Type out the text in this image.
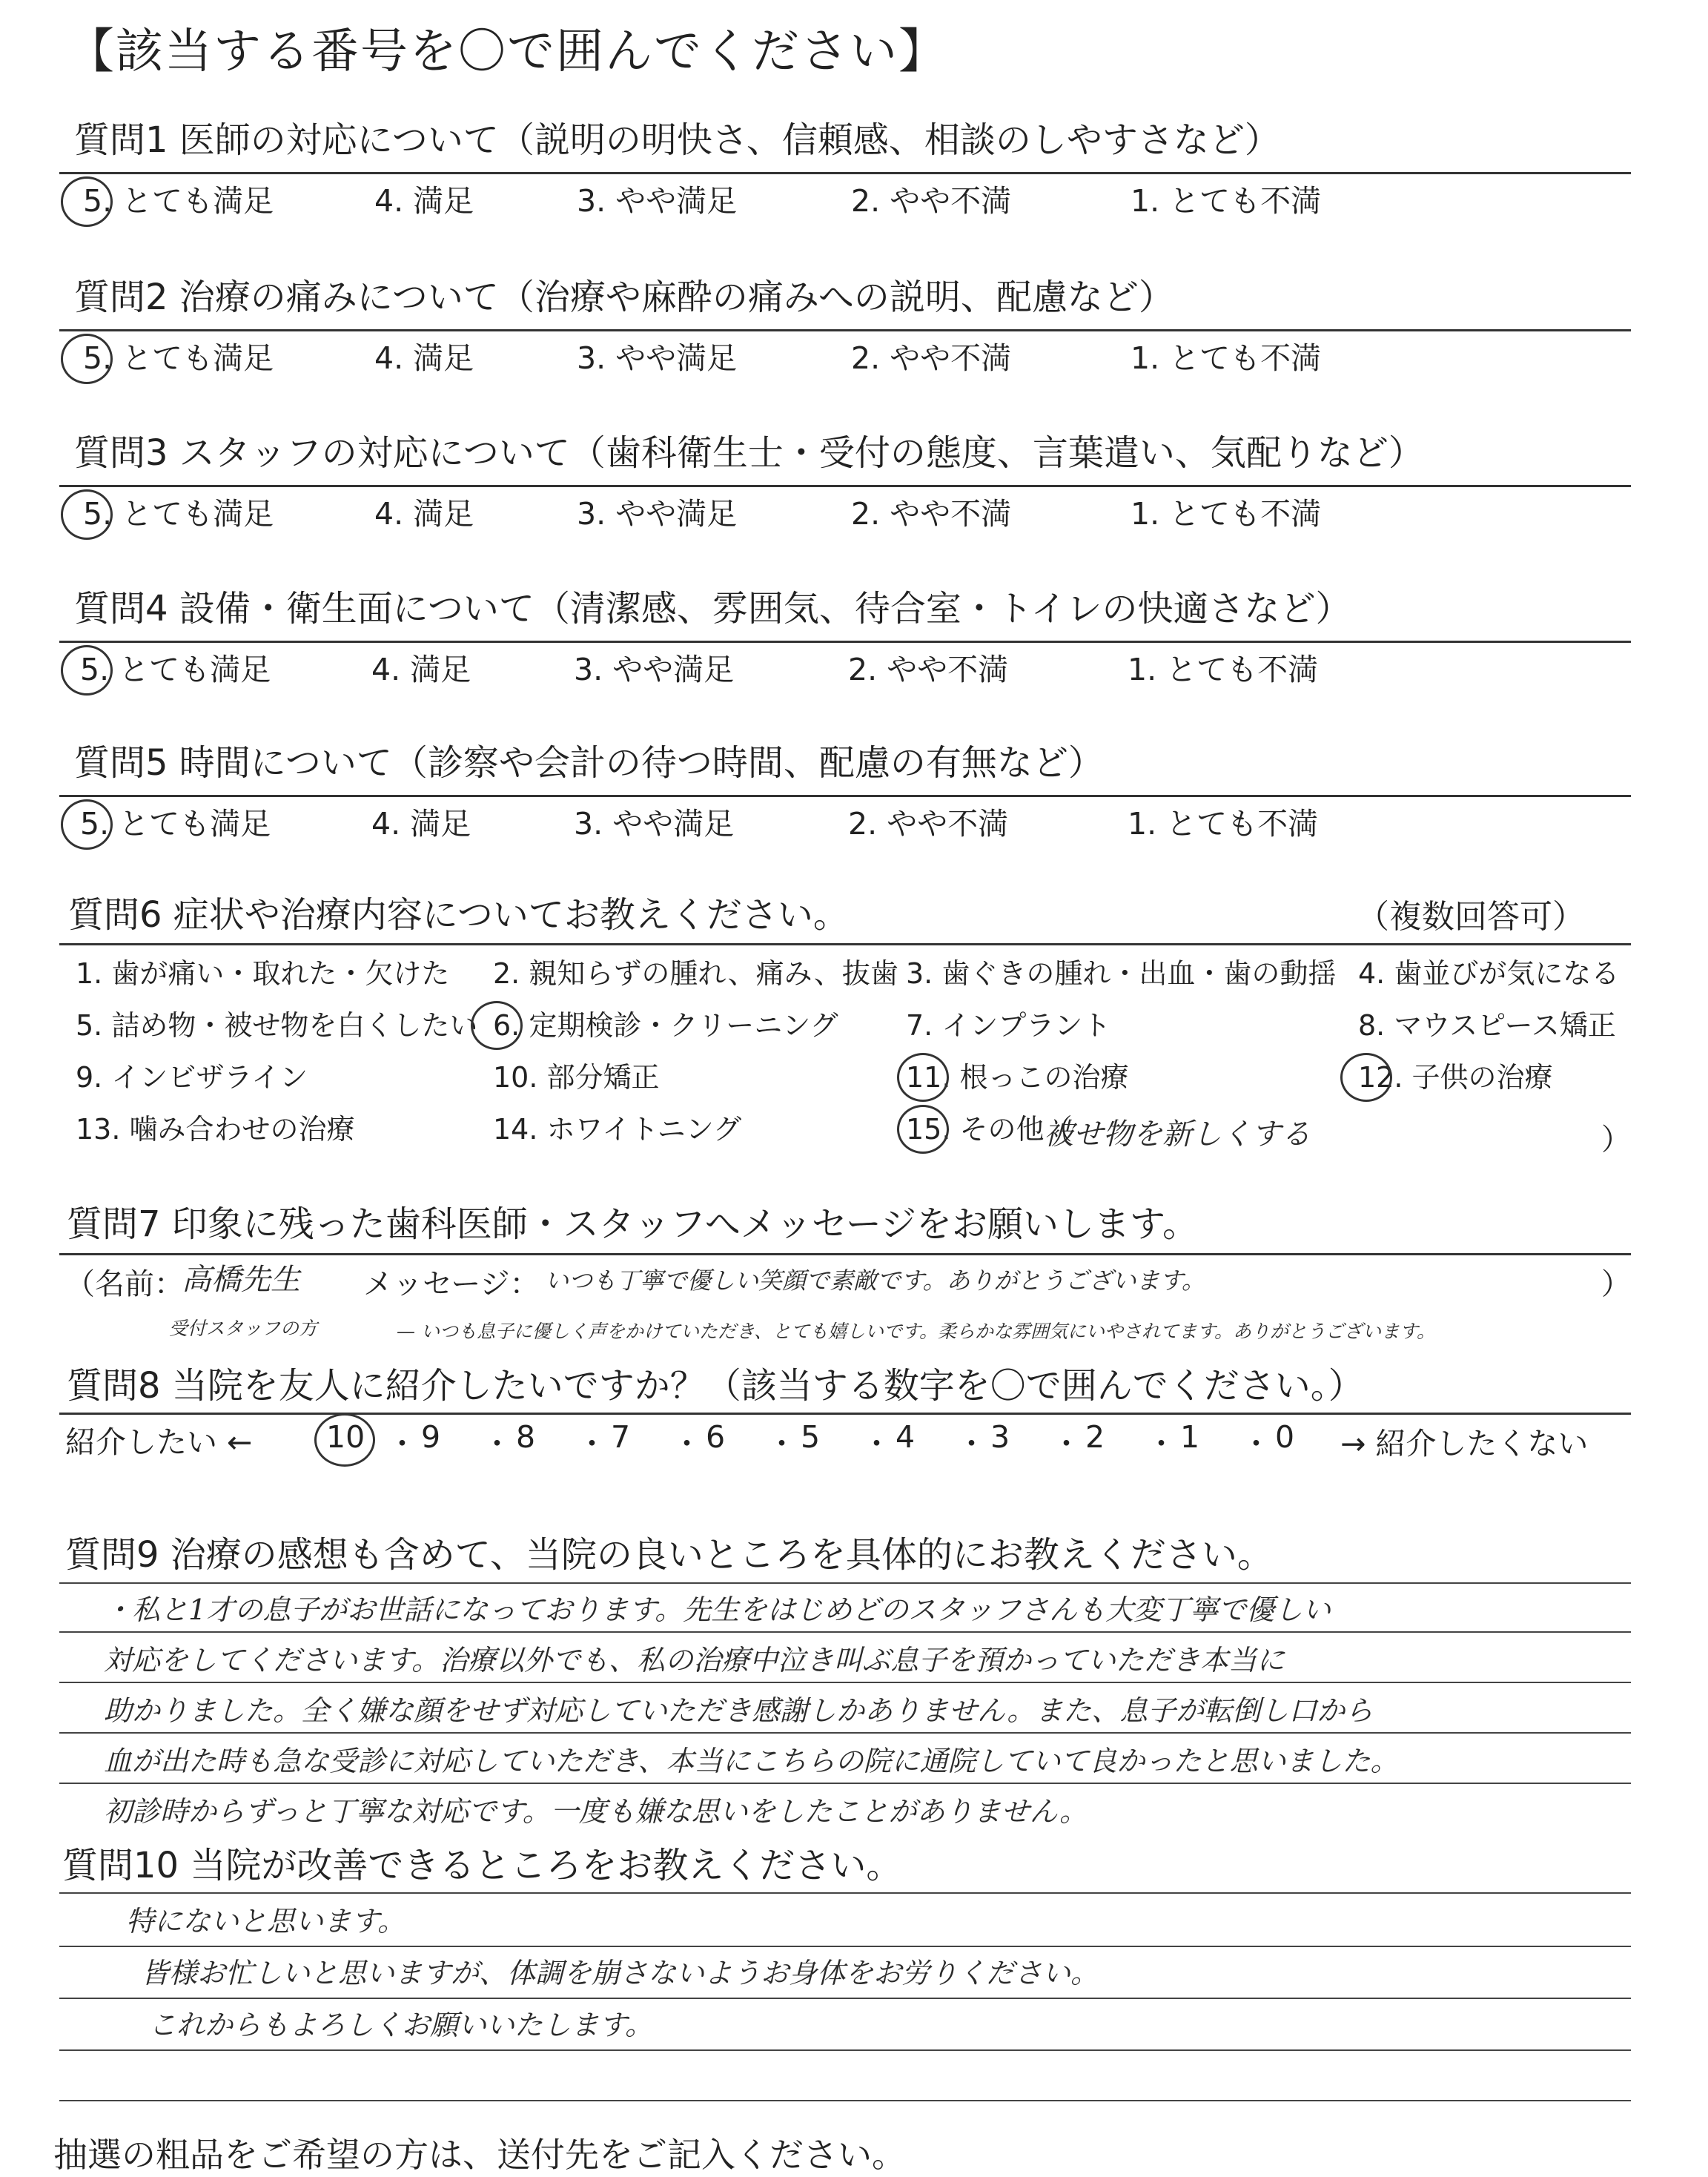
【該当する番号を〇で囲んでください】
質問6 症状や治療内容についてお教えください。	（複数回答可）
被せ物を新しくする	）
質問7 印象に残った歯科医師・スタッフへメッセージをお願いします。
（名前：
高橋先生 メッセージ： いつも丁寧で優しい笑顔で素敵です。ありがとうございます。	）
受付スタッフの方	— いつも息子に優しく声をかけていただき、とても嬉しいです。柔らかな雰囲気にいやされてます。ありがとうございます。
質問8 当院を友人に紹介したいですか？（該当する数字を〇で囲んでください。）
紹介したい ←	→ 紹介したくない
質問9 治療の感想も含めて、当院の良いところを具体的にお教えください。
質問10 当院が改善できるところをお教えください。
抽選の粗品をご希望の方は、送付先をご記入ください。
質問1 医師の対応について（説明の明快さ、信頼感、相談のしやすさなど）
5. とても満足	4. 満足	3. やや満足	2. やや不満	1. とても不満
質問2 治療の痛みについて（治療や麻酔の痛みへの説明、配慮など）
5. とても満足	4. 満足	3. やや満足	2. やや不満	1. とても不満
質問3 スタッフの対応について（歯科衛生士・受付の態度、言葉遣い、気配りなど）
5. とても満足	4. 満足	3. やや満足	2. やや不満	1. とても不満
質問4 設備・衛生面について（清潔感、雰囲気、待合室・トイレの快適さなど）
5. とても満足	4. 満足	3. やや満足	2. やや不満	1. とても不満
質問5 時間について（診察や会計の待つ時間、配慮の有無など）
5. とても満足	4. 満足	3. やや満足	2. やや不満	1. とても不満
1. 歯が痛い・取れた・欠けた 2. 親知らずの腫れ、痛み、抜歯 3. 歯ぐきの腫れ・出血・歯の動揺 4. 歯並びが気になる
5. 詰め物・被せ物を白くしたい 6. 定期検診・クリーニング 7. インプラント	8. マウスピース矯正
9. インビザライン	10. 部分矯正	11. 根っこの治療	12. 子供の治療
13. 噛み合わせの治療	14. ホワイトニング	15. その他（
10 ・ 9 ・ 8 ・ 7 ・ 6 ・ 5 ・ 4 ・ 3 ・ 2 ・ 1 ・ 0
・私と1才の息子がお世話になっております。先生をはじめどのスタッフさんも大変丁寧で優しい
対応をしてくださいます。治療以外でも、私の治療中泣き叫ぶ息子を預かっていただき本当に
助かりました。全く嫌な顔をせず対応していただき感謝しかありません。また、息子が転倒し口から
血が出た時も急な受診に対応していただき、本当にこちらの院に通院していて良かったと思いました。
初診時からずっと丁寧な対応です。一度も嫌な思いをしたことがありません。
特にないと思います。
皆様お忙しいと思いますが、体調を崩さないようお身体をお労りください。
これからもよろしくお願いいたします。
